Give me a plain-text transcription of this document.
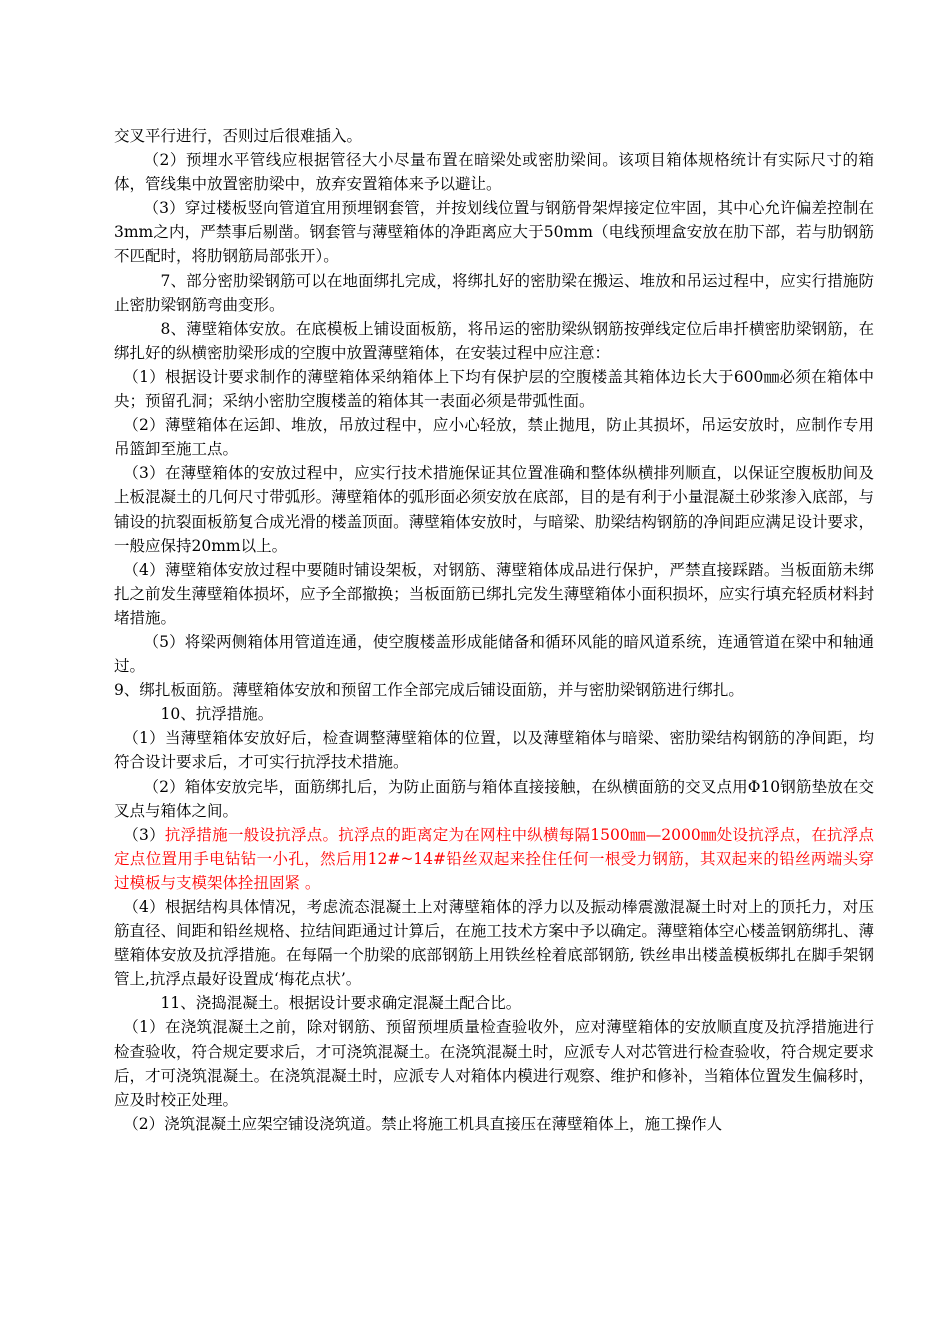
交叉平行进行，否则过后很难插入。

（2）预埋水平管线应根据管径大小尽量布置在暗梁处或密肋梁间。该项目箱体规格统计有实际尺寸的箱体，管线集中放置密肋梁中，放弃安置箱体来予以避让。

（3）穿过楼板竖向管道宜用预埋钢套管，并按划线位置与钢筋骨架焊接定位牢固，其中心允许偏差控制在3mm之内，严禁事后剔凿。钢套管与薄壁箱体的净距离应大于50mm（电线预埋盒安放在肋下部，若与肋钢筋不匹配时，将肋钢筋局部张开）。

7、部分密肋梁钢筋可以在地面绑扎完成，将绑扎好的密肋梁在搬运、堆放和吊运过程中，应实行措施防止密肋梁钢筋弯曲变形。

8、薄壁箱体安放。在底模板上铺设面板筋，将吊运的密肋梁纵钢筋按弹线定位后串扦横密肋梁钢筋，在绑扎好的纵横密肋梁形成的空腹中放置薄壁箱体，在安装过程中应注意：

（1）根据设计要求制作的薄壁箱体采纳箱体上下均有保护层的空腹楼盖其箱体边长大于600㎜必须在箱体中央；预留孔洞；采纳小密肋空腹楼盖的箱体其一表面必须是带弧性面。

（2）薄壁箱体在运卸、堆放，吊放过程中，应小心轻放，禁止抛甩，防止其损坏，吊运安放时，应制作专用吊篮卸至施工点。

（3）在薄壁箱体的安放过程中，应实行技术措施保证其位置准确和整体纵横排列顺直，以保证空腹板肋间及上板混凝土的几何尺寸带弧形。薄壁箱体的弧形面必须安放在底部，目的是有利于小量混凝土砂浆渗入底部，与铺设的抗裂面板筋复合成光滑的楼盖顶面。薄壁箱体安放时，与暗梁、肋梁结构钢筋的净间距应满足设计要求，一般应保持20mm以上。

（4）薄壁箱体安放过程中要随时铺设架板，对钢筋、薄壁箱体成品进行保护，严禁直接踩踏。当板面筋未绑扎之前发生薄壁箱体损坏，应予全部撤换；当板面筋已绑扎完发生薄壁箱体小面积损坏，应实行填充轻质材料封堵措施。

（5）将梁两侧箱体用管道连通，使空腹楼盖形成能储备和循环风能的暗风道系统，连通管道在梁中和轴通过。

9、绑扎板面筋。薄壁箱体安放和预留工作全部完成后铺设面筋，并与密肋梁钢筋进行绑扎。

10、抗浮措施。

（1）当薄壁箱体安放好后，检查调整薄壁箱体的位置，以及薄壁箱体与暗梁、密肋梁结构钢筋的净间距，均符合设计要求后，才可实行抗浮技术措施。

（2）箱体安放完毕，面筋绑扎后，为防止面筋与箱体直接接触，在纵横面筋的交叉点用Φ10钢筋垫放在交叉点与箱体之间。

（3）抗浮措施一般设抗浮点。抗浮点的距离定为在网柱中纵横每隔1500㎜—2000㎜处设抗浮点，在抗浮点定点位置用手电钻钻一小孔，然后用12#~14#铅丝双起来拴住任何一根受力钢筋，其双起来的铅丝两端头穿过模板与支模架体拴扭固紧 。

（4）根据结构具体情况，考虑流态混凝土上对薄壁箱体的浮力以及振动棒震激混凝土时对上的顶托力，对压筋直径、间距和铅丝规格、拉结间距通过计算后，在施工技术方案中予以确定。薄壁箱体空心楼盖钢筋绑扎、薄壁箱体安放及抗浮措施。在每隔一个肋梁的底部钢筋上用铁丝栓着底部钢筋, 铁丝串出楼盖模板绑扎在脚手架钢管上,抗浮点最好设置成‘梅花点状’。

11、浇捣混凝土。根据设计要求确定混凝土配合比。

（1）在浇筑混凝土之前，除对钢筋、预留预埋质量检查验收外，应对薄壁箱体的安放顺直度及抗浮措施进行检查验收，符合规定要求后，才可浇筑混凝土。在浇筑混凝土时，应派专人对芯管进行检查验收，符合规定要求后，才可浇筑混凝土。在浇筑混凝土时，应派专人对箱体内模进行观察、维护和修补，当箱体位置发生偏移时，应及时校正处理。

（2）浇筑混凝土应架空铺设浇筑道。禁止将施工机具直接压在薄壁箱体上，施工操作人
